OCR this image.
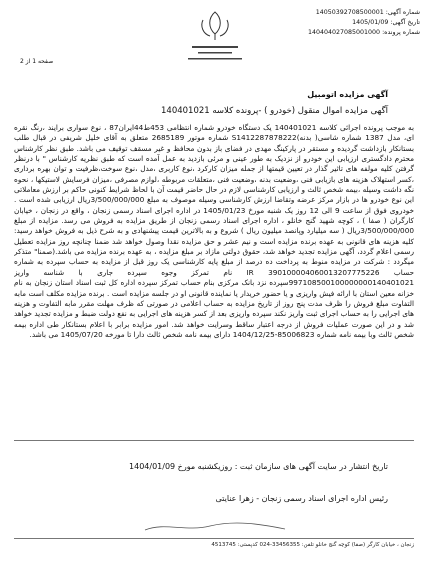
شماره آگهی: 14050392708500001
تاریخ آگهی: 1405/01/09
شماره پرونده: 140404027085001000
صفحه 1 از 2
آگهی مزایده اتومبیل
آگهی مزایده اموال منقول (خودرو ) -پرونده کلاسه 140401021
به موجب پرونده اجرائی کلاسه 140401021 یک دستگاه خودرو شماره انتظامی 453ط44ایران87 ، نوع سواری برایند ،رنگ نقره ای، مدل 1387 شماره شاسی( بدنه)S1412287878222 شماره موتور 2685189 متعلق به آقای خلیل شریفی در قبال طلب بستانکار بازداشت گردیده و مستقر در پارکینگ مهدی در فضای باز بدون محافظ و غیر مسقف توقیف می باشد. طبق نظر کارشناس محترم دادگستری ارزیابی این خودرو از نزدیک به طور عینی و مرئی بازدید به عمل آمده است که طبق نظریه کارشناس " با درنظر گرفتن کلیه مولفه های تاثیر گذار در تعیین قیمتها از جمله میزان کارکرد ،نوع کاربری ،مدل ،نوع سوخت،ظرفیت و توان بهره برداری ،کسر استهلاک هزینه های بازیابی فنی ،وضعیت بدنه ،وضعیت فنی ،متعلقات مربوطه ،لوازم مصرفی ،میزان فرسایش لاستیکها ، نحوه نگه داشت وسیله ،بیمه شخص ثالث و ارزیابی کارشناسی لازم در حال حاضر قیمت آن با لحاظ شرایط کنونی حاکم بر ارزش معاملاتی این نوع خودرو ها در بازار مرکز عرضه وتقاضا ارزش کارشناسی وسیله موصوف به مبلغ 3/500/000/000ریال ارزیابی شده است . خودروی فوق از ساعت 9 الی 12 روز یک شنبه مورخ 1405/01/23 در اداره اجرای اسناد رسمی زنجان ، واقع در زنجان ، خیابان کارگران ( صفا ) ، کوچه شهید گنج خانلو ، اداره اجرای اسناد رسمی زنجان از طریق مزایده به فروش می رسد. مزایده از مبلغ 3/500/000/000ریال ( سه میلیارد وپانصد میلیون ریال ) شروع و به بالاترین قیمت پیشنهادی و به شرح ذیل به فروش خواهد رسید: کلیه هزینه های قانونی به عهده برنده مزایده است و نیم عشر و حق مزایده نقدا وصول خواهد شد ضمنا چنانچه روز مزایده تعطیل رسمی اعلام گردد، آگهی مزایده تجدید خواهد شد، حقوق دولتی مازاد بر مبلغ مزایده ، به عهده برنده مزایده می باشد.(صمنا" متذکر میگردد : شرکت در مزایده منوط به پرداخت ده درصد از مبلغ پایه کارشناسی یک روز قبل از مزایده به حساب سپرده به شماره حساب IR 390100004060013207775226 نام تمرکز وجوه سپرده جاری با شناسه واریز 997108500100000000140401021سپرده نزد بانک مرکزی بنام حساب تمرکز سپرده اداره کل ثبت اسناد استان زنجان به نام خزانه معین استان با ارائه فیش واریزی و یا حضور خریدار یا نماینده قانونی او در جلسه مزایده است . برنده مزایده مکلف است مابه التفاوت مبلغ فروش را ظرف مدت پنج روز از تاریخ مزایده به حساب اعلامی در صورتی که ظرف مهلت مقرر مابه التفاوت و هزینه های اجرایی را به حساب اجرای ثبت واریز نکند سپرده واریزی بعد از کسر هزینه های اجرایی به نفع دولت ضبط و مزایده تجدید خواهد شد و در این صورت عملیات فروش از درجه اعتبار ساقط وسرایت خواهد شد. امور مزایده برابر با اعلام بستانکار طی اداره بیمه شخص ثالث وبا بیمه نامه شماره 85006823-1404/12/25 دارای بیمه نامه شخص ثالث دارا تا مورخه 1405/07/20 می باشد.
تاریخ انتشار در سایت آگهی های سازمان ثبت : روزیکشنبه مورخ 1404/01/09
رئیس اداره اجرای اسناد رسمی زنجان - زهرا عنایتی
زنجان ، خیابان کارگر (صفا) کوچه گنج خانلو تلفن: 33456355-024 کدپستی: 4513745
